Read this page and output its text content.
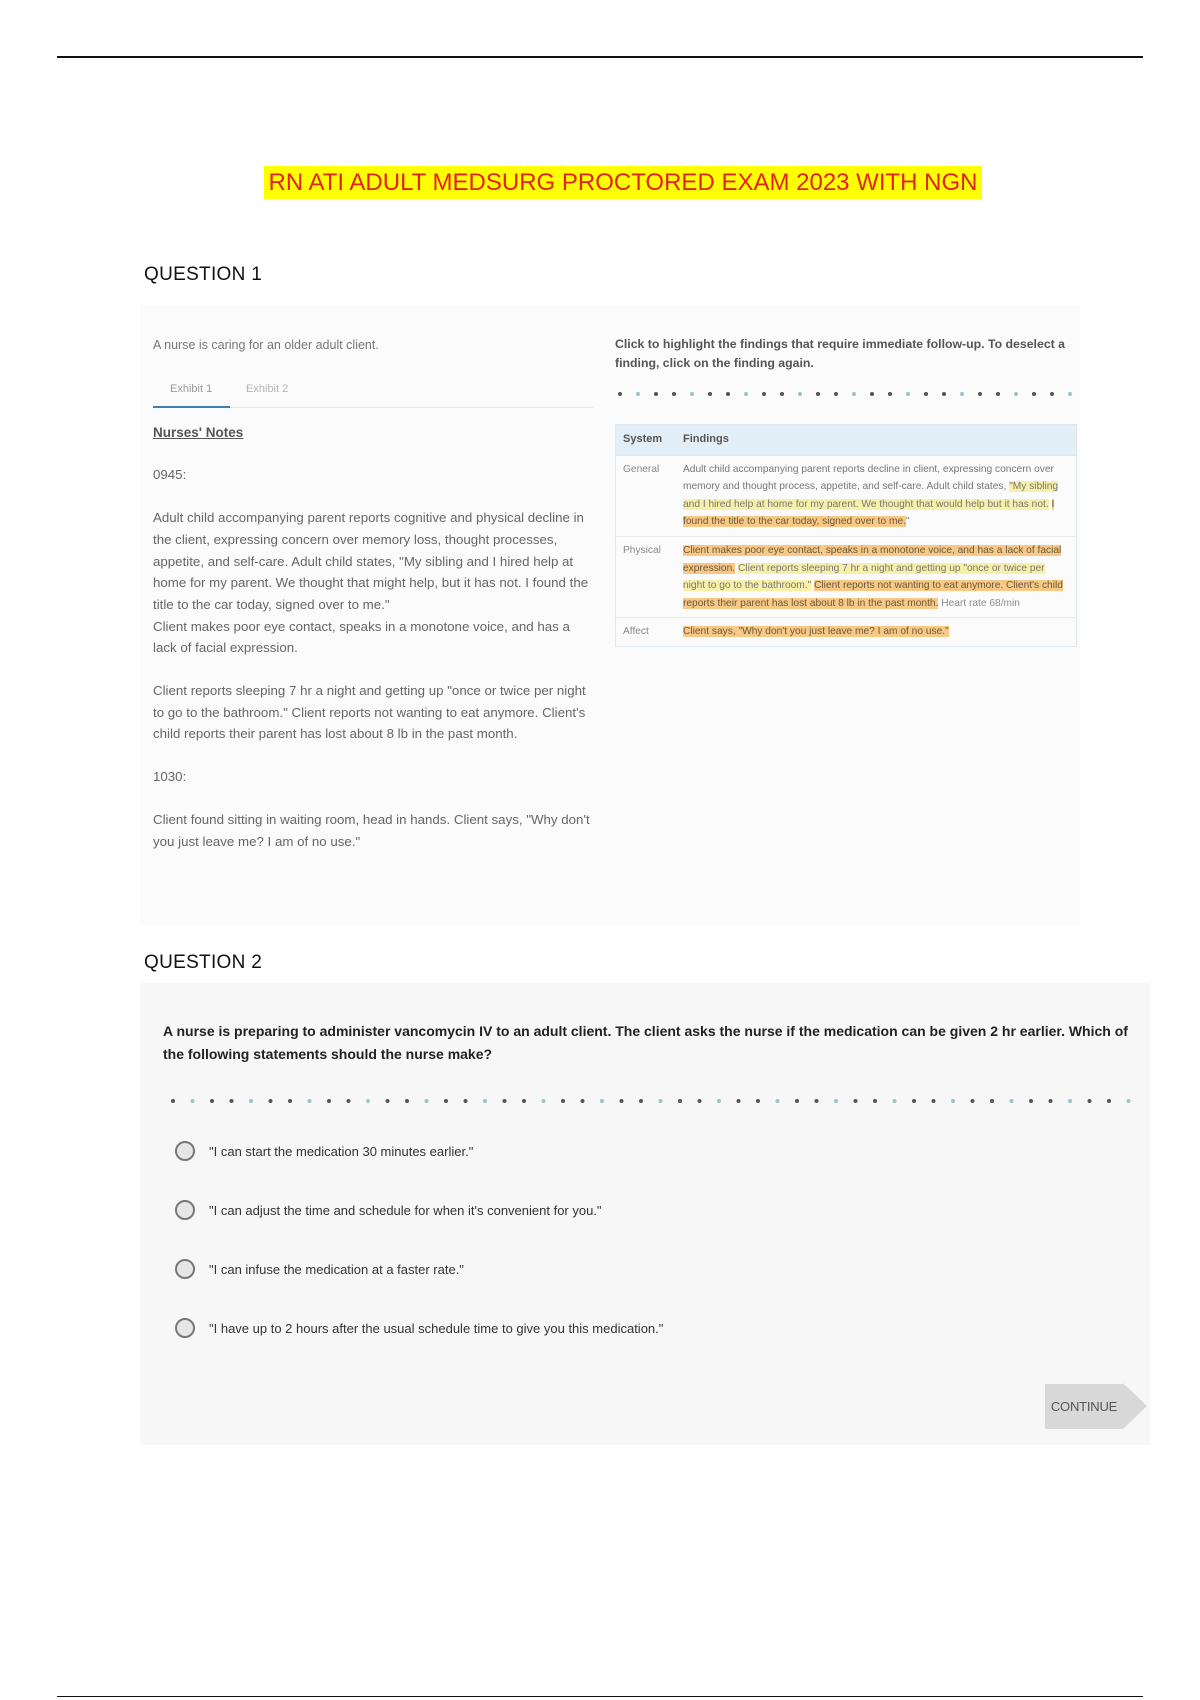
RN ATI ADULT MEDSURG PROCTORED EXAM 2023 WITH NGN
QUESTION 1

A nurse is caring for an older adult client.

Exhibit 1	Exhibit 2
Nurses' Notes

0945:

Adult child accompanying parent reports cognitive and physical decline in the client, expressing concern over memory loss, thought processes, appetite, and self-care. Adult child states, "My sibling and I hired help at home for my parent. We thought that might help, but it has not. I found the title to the car today, signed over to me."

Client makes poor eye contact, speaks in a monotone voice, and has a lack of facial expression.

Client reports sleeping 7 hr a night and getting up "once or twice per night to go to the bathroom." Client reports not wanting to eat anymore. Client's child reports their parent has lost about 8 lb in the past month.

1030:

Client found sitting in waiting room, head in hands. Client says, "Why don't you just leave me? I am of no use."

Click to highlight the findings that require immediate follow-up. To deselect a finding, click on the finding again.
System	Findings
General	Adult child accompanying parent reports decline in client, expressing concern over memory and thought process, appetite, and self-care. Adult child states, "My sibling and I hired help at home for my parent. We thought that would help but it has not. I found the title to the car today, signed over to me."
Physical	Client makes poor eye contact, speaks in a monotone voice, and has a lack of facial expression. Client reports sleeping 7 hr a night and getting up "once or twice per night to go to the bathroom." Client reports not wanting to eat anymore. Client's child reports their parent has lost about 8 lb in the past month. Heart rate 68/min
Affect	Client says, "Why don't you just leave me? I am of no use."
QUESTION 2
A nurse is preparing to administer vancomycin IV to an adult client. The client asks the nurse if the medication can be given 2 hr earlier. Which of the following statements should the nurse make?
"I can start the medication 30 minutes earlier."
"I can adjust the time and schedule for when it's convenient for you."
"I can infuse the medication at a faster rate."
"I have up to 2 hours after the usual schedule time to give you this medication."
CONTINUE
